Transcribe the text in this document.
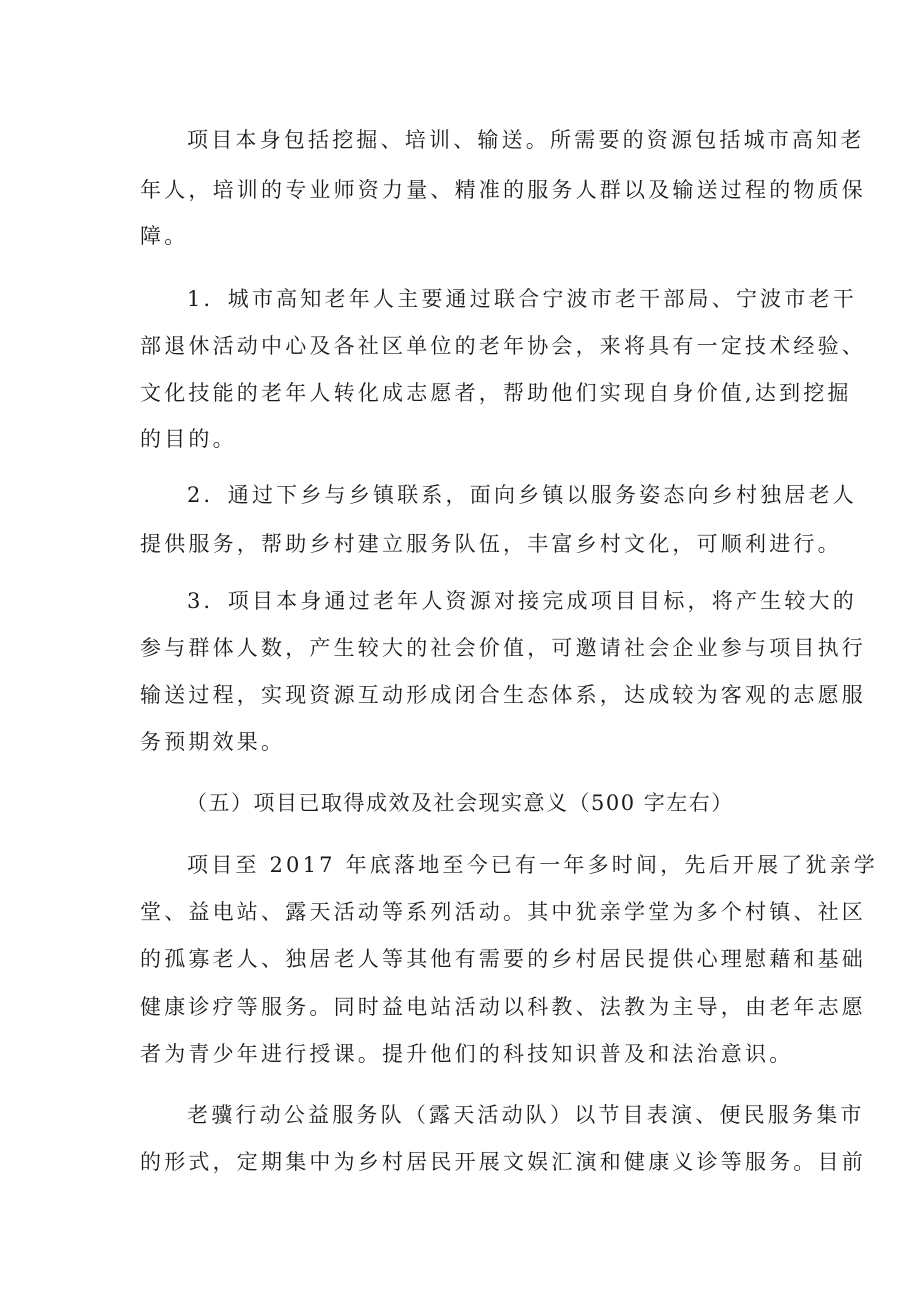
项目本身包括挖掘、培训、输送。所需要的资源包括城市高知老
年人，培训的专业师资力量、精准的服务人群以及输送过程的物质保
障。
1．城市高知老年人主要通过联合宁波市老干部局、宁波市老干
部退休活动中心及各社区单位的老年协会，来将具有一定技术经验、
文化技能的老年人转化成志愿者，帮助他们实现自身价值,达到挖掘
的目的。
2．通过下乡与乡镇联系，面向乡镇以服务姿态向乡村独居老人
提供服务，帮助乡村建立服务队伍，丰富乡村文化，可顺利进行。
3．项目本身通过老年人资源对接完成项目目标，将产生较大的
参与群体人数，产生较大的社会价值，可邀请社会企业参与项目执行
输送过程，实现资源互动形成闭合生态体系，达成较为客观的志愿服
务预期效果。
（五）项目已取得成效及社会现实意义（500 字左右）
项目至 2017 年底落地至今已有一年多时间，先后开展了犹亲学
堂、益电站、露天活动等系列活动。其中犹亲学堂为多个村镇、社区
的孤寡老人、独居老人等其他有需要的乡村居民提供心理慰藉和基础
健康诊疗等服务。同时益电站活动以科教、法教为主导，由老年志愿
者为青少年进行授课。提升他们的科技知识普及和法治意识。
老骥行动公益服务队（露天活动队）以节目表演、便民服务集市
的形式，定期集中为乡村居民开展文娱汇演和健康义诊等服务。目前
